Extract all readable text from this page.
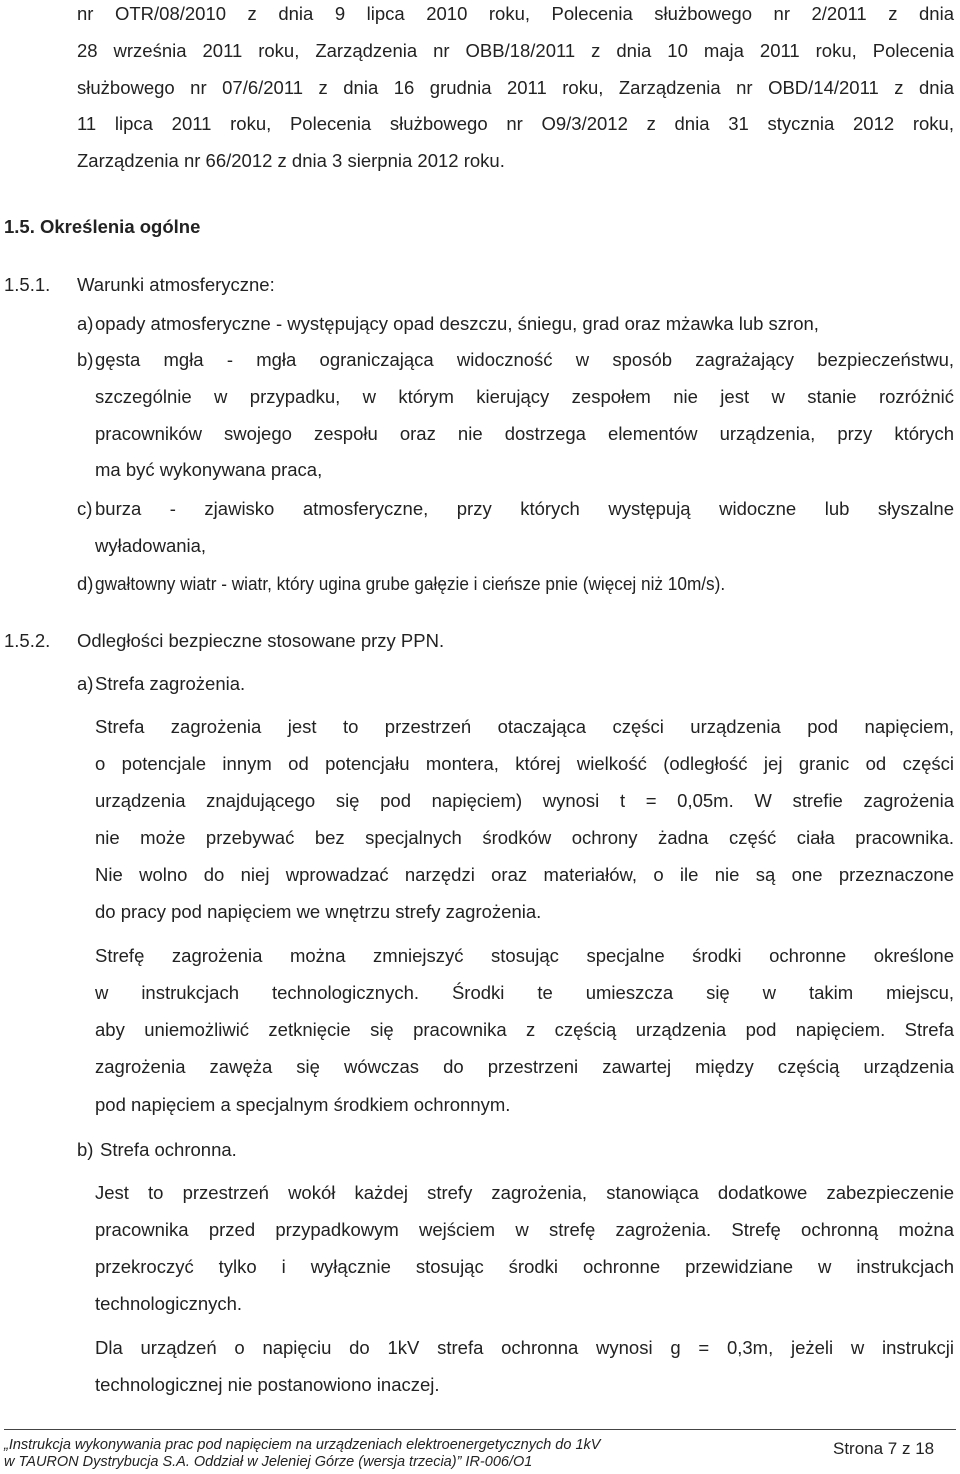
nr OTR/08/2010 z dnia 9 lipca 2010 roku, Polecenia służbowego nr 2/2011 z dnia
28 września 2011 roku, Zarządzenia nr OBB/18/2011 z dnia 10 maja 2011 roku, Polecenia
służbowego nr 07/6/2011 z dnia 16 grudnia 2011 roku, Zarządzenia nr OBD/14/2011 z dnia
11 lipca 2011 roku, Polecenia służbowego nr O9/3/2012 z dnia 31 stycznia 2012 roku,
Zarządzenia nr 66/2012 z dnia 3 sierpnia 2012 roku.
1.5. Określenia ogólne
1.5.1. Warunki atmosferyczne:
a) opady atmosferyczne - występujący opad deszczu, śniegu, grad oraz mżawka lub szron,
b) gęsta mgła - mgła ograniczająca widoczność w sposób zagrażający bezpieczeństwu,
szczególnie w przypadku, w którym kierujący zespołem nie jest w stanie rozróżnić
pracowników swojego zespołu oraz nie dostrzega elementów urządzenia, przy których
ma być wykonywana praca,
c) burza - zjawisko atmosferyczne, przy których występują widoczne lub słyszalne
wyładowania,
d) gwałtowny wiatr - wiatr, który ugina grube gałęzie i cieńsze pnie (więcej niż 10m/s).
1.5.2. Odległości bezpieczne stosowane przy PPN.
a) Strefa zagrożenia.
Strefa zagrożenia jest to przestrzeń otaczająca części urządzenia pod napięciem,
o potencjale innym od potencjału montera, której wielkość (odległość jej granic od części
urządzenia znajdującego się pod napięciem) wynosi t = 0,05m. W strefie zagrożenia
nie może przebywać bez specjalnych środków ochrony żadna część ciała pracownika.
Nie wolno do niej wprowadzać narzędzi oraz materiałów, o ile nie są one przeznaczone
do pracy pod napięciem we wnętrzu strefy zagrożenia.
Strefę zagrożenia można zmniejszyć stosując specjalne środki ochronne określone
w instrukcjach technologicznych. Środki te umieszcza się w takim miejscu,
aby uniemożliwić zetknięcie się pracownika z częścią urządzenia pod napięciem. Strefa
zagrożenia zawęża się wówczas do przestrzeni zawartej między częścią urządzenia
pod napięciem a specjalnym środkiem ochronnym.
b) Strefa ochronna.
Jest to przestrzeń wokół każdej strefy zagrożenia, stanowiąca dodatkowe zabezpieczenie
pracownika przed przypadkowym wejściem w strefę zagrożenia. Strefę ochronną można
przekroczyć tylko i wyłącznie stosując środki ochronne przewidziane w instrukcjach
technologicznych.
Dla urządzeń o napięciu do 1kV strefa ochronna wynosi g = 0,3m, jeżeli w instrukcji
technologicznej nie postanowiono inaczej.
„Instrukcja wykonywania prac pod napięciem na urządzeniach elektroenergetycznych do 1kV
w TAURON Dystrybucja S.A. Oddział w Jeleniej Górze (wersja trzecia)” IR-006/O1
Strona 7 z 18
